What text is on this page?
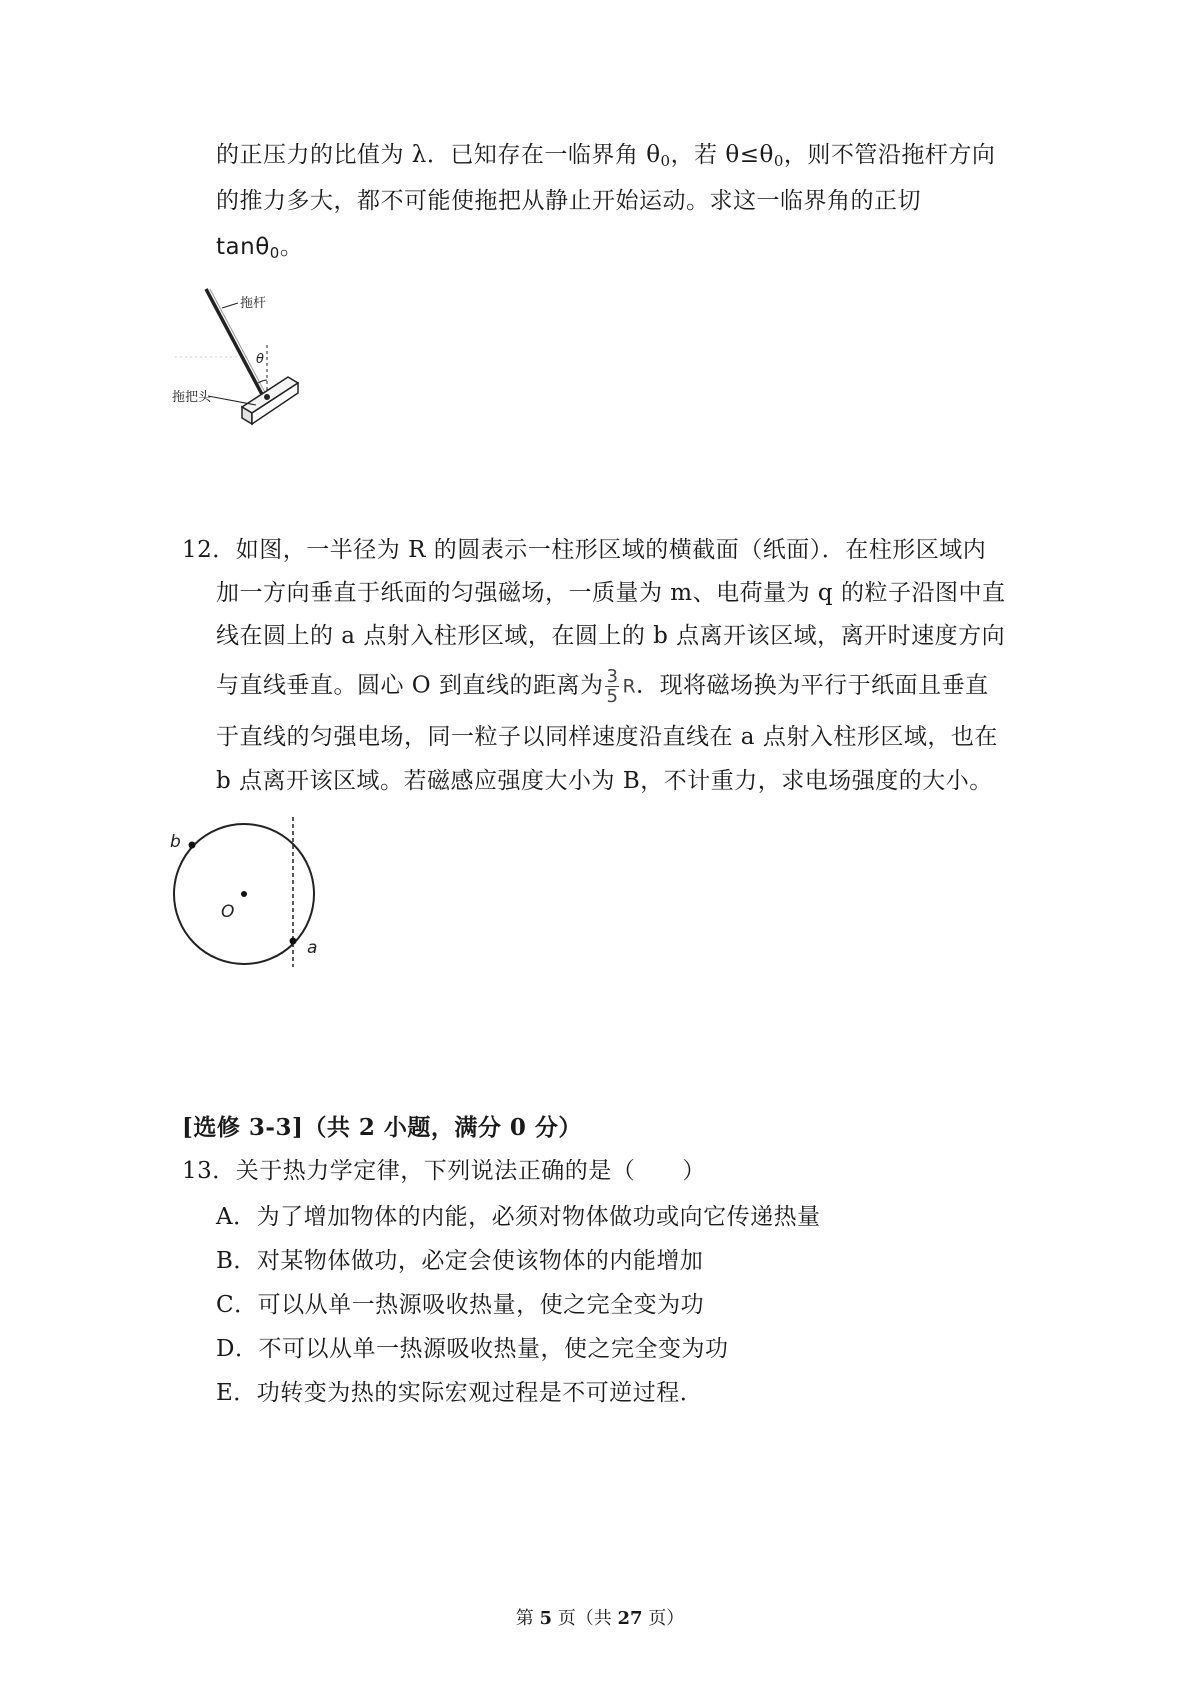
的正压力的比值为 λ．已知存在一临界角 $\theta_0$，若 $\theta\le\theta_0$，则不管沿拖杆方向
的推力多大，都不可能使拖把从静止开始运动。求这一临界角的正切
tanθ$_0$。
拖杆
拖把头
θ
12．如图，一半径为 R 的圆表示一柱形区域的横截面（纸面）．在柱形区域内
加一方向垂直于纸面的匀强磁场，一质量为 m、电荷量为 q 的粒子沿图中直
线在圆上的 a 点射入柱形区域，在圆上的 b 点离开该区域，离开时速度方向
与直线垂直。圆心 O 到直线的距离为 $\frac{3}{5}$ R．现将磁场换为平行于纸面且垂直
于直线的匀强电场，同一粒子以同样速度沿直线在 a 点射入柱形区域，也在
b 点离开该区域。若磁感应强度大小为 B，不计重力，求电场强度的大小。
b
O
a
[选修 3-3]（共 2 小题，满分 0 分）
13．关于热力学定律，下列说法正确的是（　　）
A．为了增加物体的内能，必须对物体做功或向它传递热量
B．对某物体做功，必定会使该物体的内能增加
C．可以从单一热源吸收热量，使之完全变为功
D．不可以从单一热源吸收热量，使之完全变为功
E．功转变为热的实际宏观过程是不可逆过程．
第 5 页（共 27 页）
